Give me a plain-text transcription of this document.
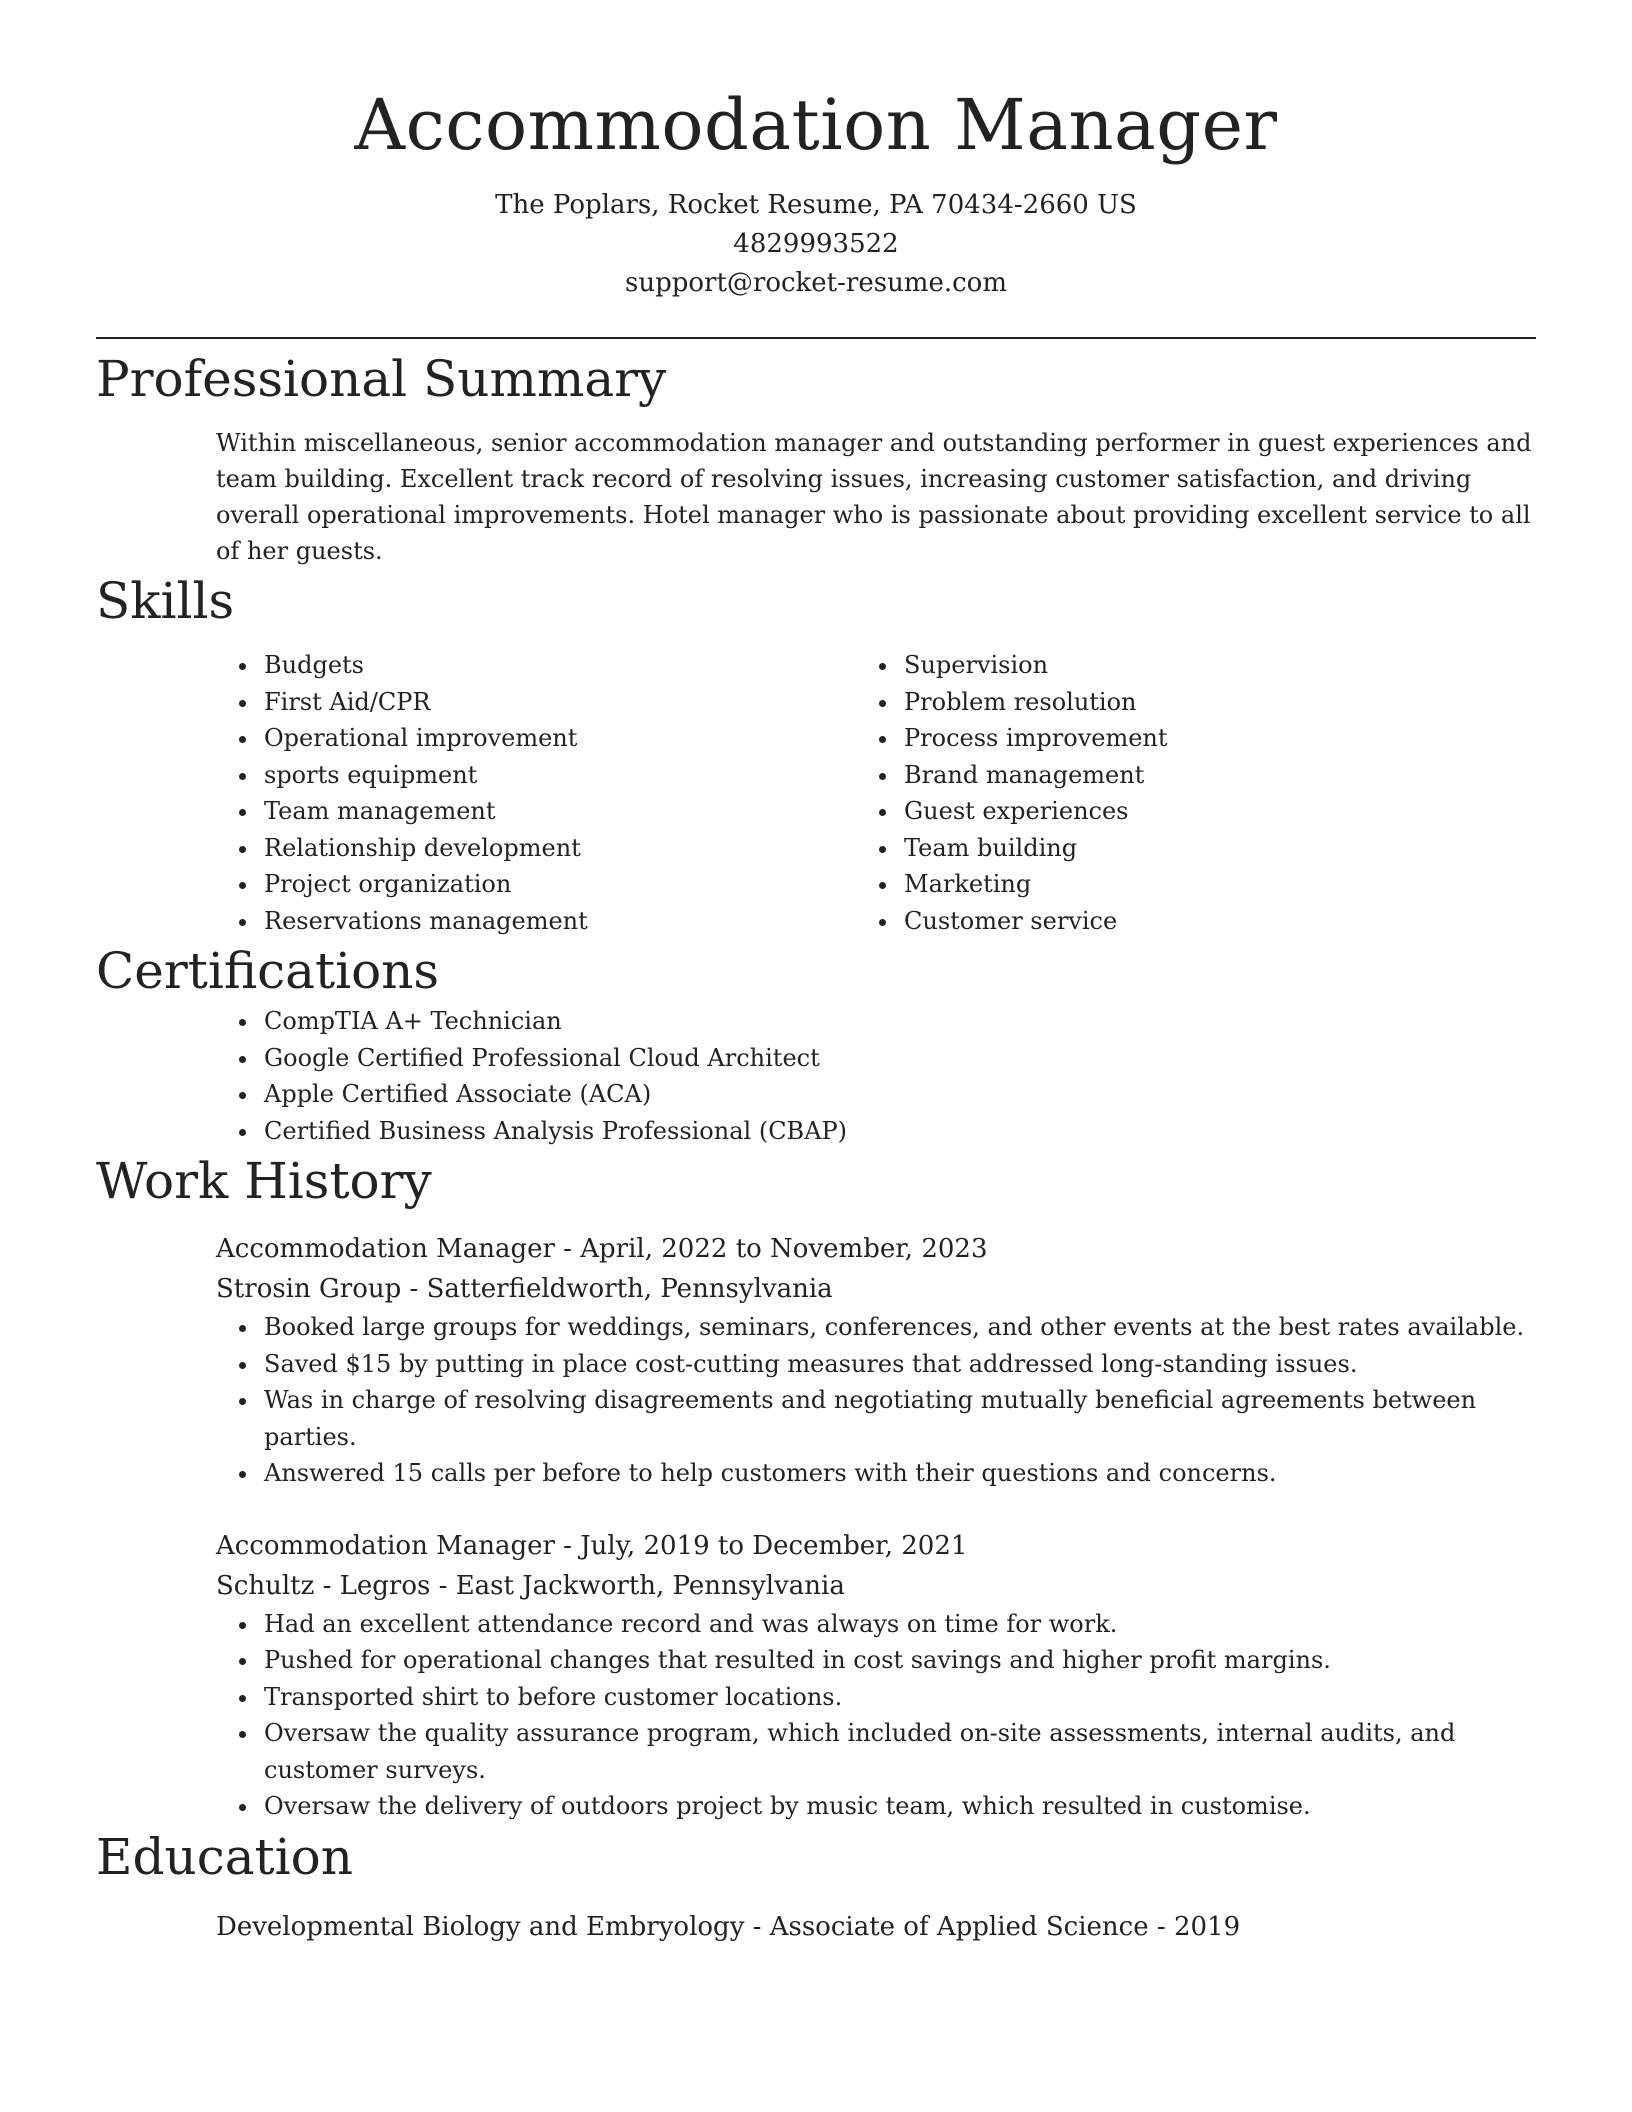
Accommodation Manager
The Poplars, Rocket Resume, PA 70434-2660 US
4829993522
support@rocket-resume.com
Professional Summary

Within miscellaneous, senior accommodation manager and outstanding performer in guest experiences and team building. Excellent track record of resolving issues, increasing customer satisfaction, and driving overall operational improvements. Hotel manager who is passionate about providing excellent service to all of her guests.

Skills
• Budgets
• First Aid/CPR
• Operational improvement
• sports equipment
• Team management
• Relationship development
• Project organization
• Reservations management
• Supervision
• Problem resolution
• Process improvement
• Brand management
• Guest experiences
• Team building
• Marketing
• Customer service
Certifications
• CompTIA A+ Technician
• Google Certified Professional Cloud Architect
• Apple Certified Associate (ACA)
• Certified Business Analysis Professional (CBAP)
Work History
Accommodation Manager - April, 2022 to November, 2023
Strosin Group - Satterfieldworth, Pennsylvania
• Booked large groups for weddings, seminars, conferences, and other events at the best rates available.
• Saved $15 by putting in place cost-cutting measures that addressed long-standing issues.
• Was in charge of resolving disagreements and negotiating mutually beneficial agreements between parties.
• Answered 15 calls per before to help customers with their questions and concerns.
Accommodation Manager - July, 2019 to December, 2021
Schultz - Legros - East Jackworth, Pennsylvania
• Had an excellent attendance record and was always on time for work.
• Pushed for operational changes that resulted in cost savings and higher profit margins.
• Transported shirt to before customer locations.
• Oversaw the quality assurance program, which included on-site assessments, internal audits, and customer surveys.
• Oversaw the delivery of outdoors project by music team, which resulted in customise.
Education
Developmental Biology and Embryology - Associate of Applied Science - 2019
